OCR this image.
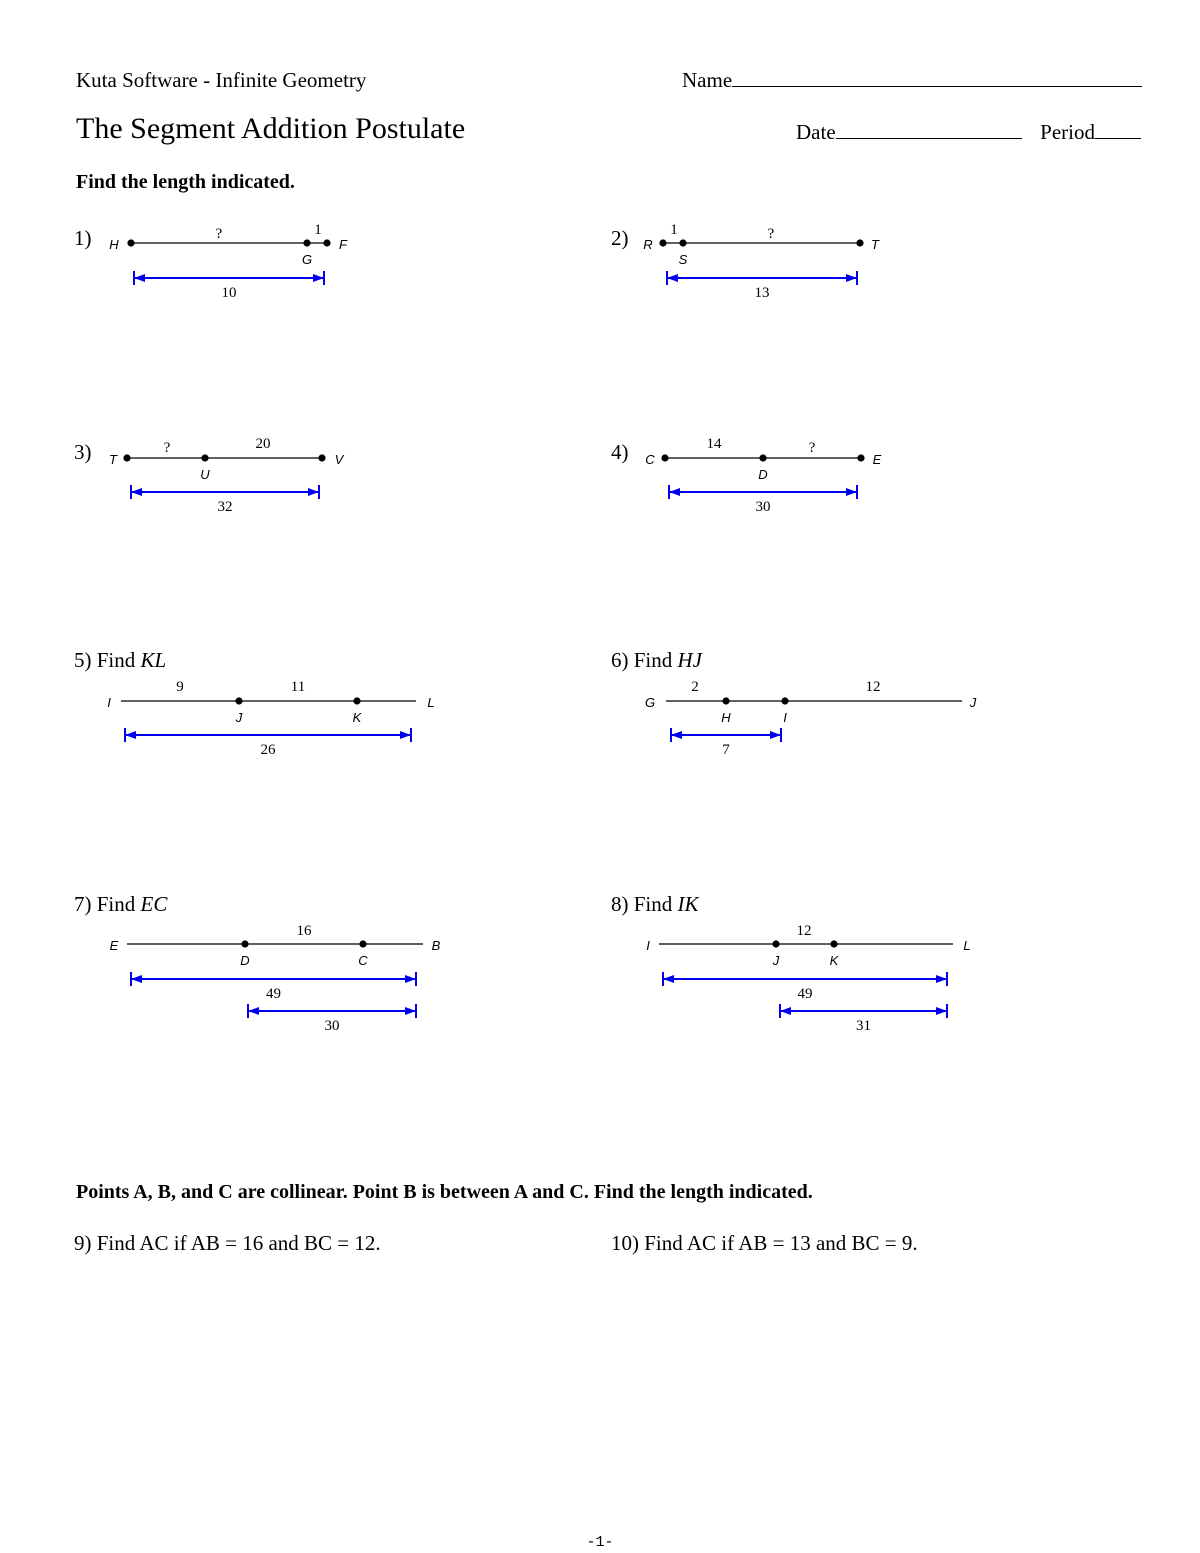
Kuta Software - Infinite Geometry	Name
The Segment Addition Postulate	Date	Period
Find the length indicated.
1)	2)
3)	4)
5) Find KL	6) Find HJ
7) Find EC	8) Find IK
Points A, B, and C are collinear. Point B is between A and C. Find the length indicated.
9) Find AC if AB = 16 and BC = 12.	10) Find AC if AB = 13 and BC = 9.
-1-
H
G
F
?	1
10
R
S
T
1	?
13
T
U
V
?	20
32
C
D
E
14	?
30
I
J	K
L
9	11
26
G
H	I
J
2	12
7
E
D	C
B
16
49
30
I
J	K
L
12
49
31
